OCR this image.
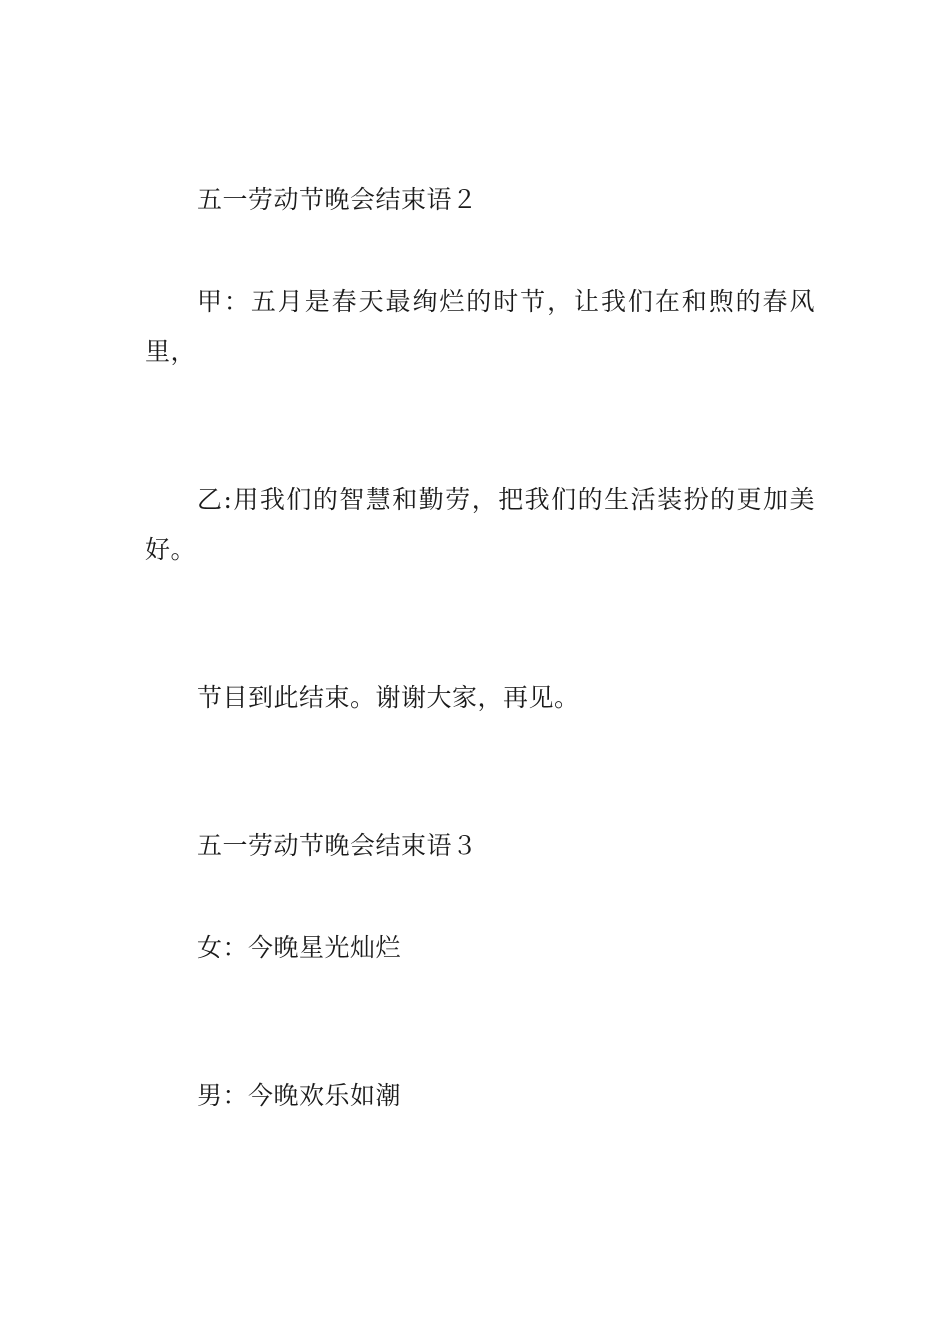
五一劳动节晚会结束语２
甲：五月是春天最绚烂的时节，让我们在和煦的春风里，
乙:用我们的智慧和勤劳，把我们的生活装扮的更加美好。
节目到此结束。谢谢大家，再见。
五一劳动节晚会结束语３
女：今晚星光灿烂
男：今晚欢乐如潮
